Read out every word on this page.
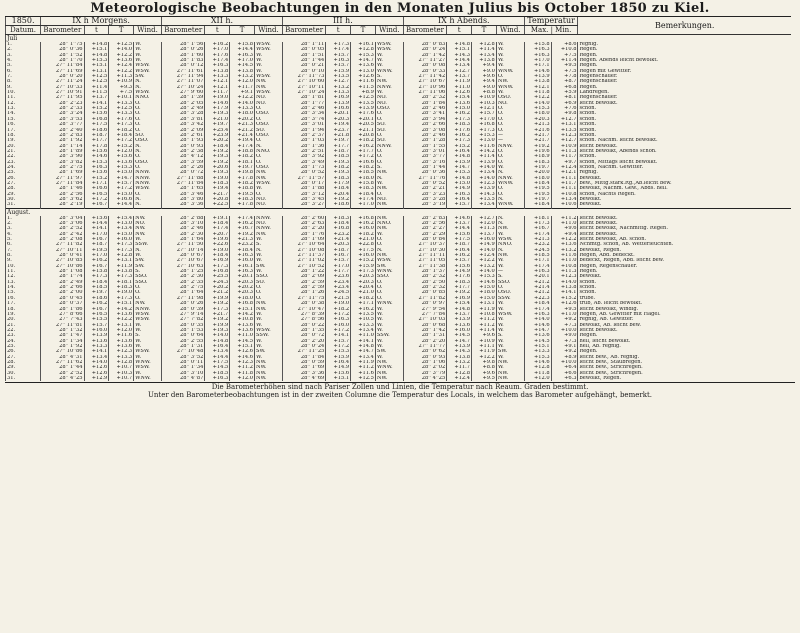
Meteorologische Beobachtungen in den Monaten Julius bis October 1850 zu Kiel.
1850.	IX h Morgens.				XII h.				III h.				IX h Abends.				Temperatur		Bemerkungen.
Datum.	Barometer	t	T	Wind.	Barometer	t	T	Wind.	Barometer	t	T	Wind.	Barometer	t	T	Wind.	Max. | Min.		
Juli																			
1.	28'' 1''75	+14.8	+12.5	W.	28'' 1''56	+16.2	+15.8	WSW.	28'' 1''11	+17.3	+16.1	WSW.	28'' 0''83	+14.8	+12.8	W.	+15.8	+8.6	regnig.
2.	28'' 0''36	+15.1	+14.0	W.	28'' 0''26	+17.0	+14.4	WSW.	28'' 0''05	+17.4	+12.8	WSW.	28'' 0''24	+15.1	+11.4	W.	+16.3	+10.8	Regen.
3.	28'' 1''52	+14.8	+12.2	W.	28'' 1''60	+17.6	+16.3	W.	28'' 1''51	+15.7	+15.3	W.	28'' 1''42	+14.3	+13.4	W.	+16.3	+7.5	Regen.
4.	28'' 1''70	+15.3	+13.6	W.	28'' 1''83	+17.4	+17.0	W.	28'' 1''44	+16.3	+14.7	W.	27'' 11''27	+14.4	+13.8	W.	+17.0	+11.4	Regen. Abends leicht bewölkt.
5.	27'' 11''84	+15.1	+12.4	WSW.	28'' 0''12	+16.3	+14.5	W.	28'' 0''21	+15.7	+13.6	W.	28'' 0''08	+13.4	+9.4	W.	+17.1	+9.5	Regen.
6.	27'' 11''69	+13.1	+12.2	WSW.	27'' 11''61	+13.8	+13.8	W.	28'' 0''10	+15.9	+13.0	WNW.	28'' 0''33	+12.7	+9.0	WNW.	+14.6	+7.5	Regen mit Gewitter.
7.	28'' 0''20	+12.5	+11.3	SW.	27'' 11''94	+13.3	+13.2	WSW.	27'' 11''73	+13.5	+12.6	S.	27'' 11''42	+13.7	+9.6	O.	+13.9	+7.8	Regenschauer.
8.	27'' 11''24	+12.5	+10.9	N.	27'' 11''07	+12.1	+12.0	NW.	27'' 10''60	+12.7	+11.6	NW.	27'' 10''67	+11.9	+9.4	NW.	+13.8	+8.7	Regenschauer.
9.	27'' 10''33	+11.4	+9.3	N.	27'' 10''24	+12.1	+11.7	NW.	27'' 10''11	+13.2	+11.5	NNW.	27'' 10''96	+11.0	+9.0	WNW.	+12.1	+6.8	Regen.
10.	27'' 10''91	+11.5	+7.5	WSW.	27'' 9''60	+11.7	+9.1	WSW.	27'' 10''24	+13.3	+8.9	W.	27'' 11''06	+12.6	+8.8	W.	+11.8	+5.9	Landregen.
11.	27'' 11''95	+13.7	+10.1	NNO.	28'' 1''39	+19.0	+12.2	NO.	28'' 1''81	+16.9	+12.5	NO.	28'' 2''32	+15.4	+10.9	OSO.	+12.2	+8.1	Regenschauer.
12.	28'' 2''23	+14.1	+13.3	O.	28'' 2''05	+14.6	+14.0	NO.	28'' 1''77	+13.9	+13.5	NO.	28'' 1''84	+13.6	+10.3	NO.	+14.0	+6.9	leicht bewölkt.
13.	28'' 2''33	+15.2	+12.5	O.	28'' 2''49	+17.9	+13.3	O.	28'' 2''46	+16.6	+13.9	OSO.	28'' 2''46	+15.0	+12.1	O.	+15.3	+7.6	schön.
14.	28'' 3''24	+15.6	+13.3	O.	28'' 3''28	+19.3	+18.0	OSO.	28'' 3''34	+20.1	+17.6	O.	28'' 3''41	+16.2	+15.7	O.	+18.0	+9.8	schön.
15.	28'' 3''53	+16.8	+17.6	O.	28'' 3''81	+21.0	+20.2	O.	28'' 3''74	+20.3	+20.1	O.	28'' 3''94	+17.3	+17.0	O.	+20.3	+12.7	schön.
16.	28'' 3''77	+17.5	+17.3	O.	28'' 3''42	+19.7	+21.3	OSO.	28'' 3''01	+19.4	+20.5	SO.	28'' 2''66	+18.3	+16.8	O.	+21.3	+13.1	schön.
17.	28'' 2''40	+18.6	+18.2	O.	28'' 2''09	+25.4	+21.2	SO.	28'' 1''94	+23.7	+21.1	SO.	28'' 3''08	+17.6	+17.3	O.	+21.6	+13.5	schön.
18.	28'' 2''83	+18.7	+18.4	SO.	28'' 2''61	+23.9	+21.4	OSO.	28'' 2''37	+21.8	+20.8	O.	28'' 2''46	+16.2	+15.3	—	+21.7	+12.3	schön.
19.	28'' 1''92	+17.7	+17.2	OSO.	28'' 1''93	+20.2	+19.4	O.	28'' 1''03	+19.7	+18.2	SO.	28'' 1''28	+17.3	+13.0	—	+21.7	+12.7	schön. Nachm. leicht bewölkt.
20.	28'' 1''14	+17.8	+15.2	N.	28'' 0''93	+18.4	+17.4	N.	28'' 1''36	+17.7	+16.2	NNW.	28'' 1''55	+15.2	+11.6	NNW.	+19.2	+10.9	leicht bewölkt.
21.	28'' 1''89	+15.6	+12.0	N.	28'' 2''38	+19.2	+18.8	NNO.	28'' 2''51	+18.7	+17.7	O.	28'' 3''01	+16.4	+14.2	O.	+19.6	+11.3	leicht bewölkt, Abends schön.
22.	28'' 3''90	+14.6	+15.6	O.	28'' 4''12	+19.3	+18.2	O.	28'' 3''92	+18.5	+17.2	O.	28'' 3''77	+14.8	+11.4	O.	+18.9	+11.7	schön.
23.	28'' 3''82	+15.3	+13.6	OSO.	28'' 3''59	+19.2	+18.1	O.	28'' 3''49	+19.3	+16.6	O.	28'' 3''16	+15.9	+13.9	O.	+18.3	+9.7	schön, Mittags leicht bewölkt.
24.	28'' 2''75	+16.3	+15.3	O.	28'' 2''26	+20.6	+19.7	OSO.	28'' 1''73	+18.2	+18.2	S.	28'' 1''44	+14.7	+14.0	W.	+19.7	+12.4	schön, Nachm. Gewitter.
25.	28'' 1''69	+15.6	+15.0	NNW.	28'' 0''72	+19.3	+19.8	NW.	28'' 0''52	+19.3	+18.5	NW.	28'' 0''36	+15.3	+13.4	N.	+20.0	+12.1	regnig.
26.	27'' 11''97	+15.2	+14.7	NNW.	27'' 11''88	+19.0	+17.8	NW.	27'' 11''57	+18.3	+18.0	N.	27'' 11''76	+14.8	+14.0	NNW.	+18.0	+11.1	bewölkt.
27.	27'' 11''84	+17.1	+15.7	NNW.	27'' 11''84	+18.3	+18.2	WSW.	28'' 0''17	+17.9	+15.8	W.	28'' 0''52	+15.0	+12.3	WNW.	+18.4	+11.7	bew., Mittg.stark.Rg.,Ab.leicht bew.
28.	28'' 1''46	+16.6	+17.2	WSW.	28'' 1''65	+19.4	+18.8	W.	28'' 1''88	+18.4	+18.3	NW.	28'' 2''21	+14.9	+13.9	O.	+19.5	+11.1	bewölkt, Nachm. Gew., Abds. hell.
29.	28'' 2''56	+16.5	+15.0	O.	28'' 3''46	+21.7	+19.5	O.	28'' 3''12	+20.4	+18.4	O.	28'' 3''23	+16.3	+14.3	O.	+19.5	+10.8	schön, Nachts Regen.
30.	28'' 3''62	+17.2	+16.6	N.	28'' 3''80	+20.8	+18.3	NO.	28'' 3''45	+19.2	+17.4	NO.	28'' 3''28	+16.4	+13.5	N.	+19.7	+13.4	bewölkt.
31.	28'' 2''19	+16.7	+14.4	N.	28'' 3''36	+22.5	+17.8	NO.	28'' 3''27	+18.6	+17.0	NW.	28'' 3''19	+15.7	+13.4	WNW.	+18.4	+10.6	bewölkt.
August.																			
1.	28'' 3''04	+15.6	+15.4	NW.	28'' 2''88	+19.1	+17.4	NNW.	28'' 2''60	+18.3	+16.8	NW.	28'' 2''83	+14.6	+12.7	N.	+18.1	+11.2	leicht bewölkt.
2.	28'' 3''06	+14.4	+13.0	NO.	28'' 3''10	+18.4	+16.2	NO.	28'' 2''63	+18.4	+16.2	NNO.	28'' 2''56	+13.7	+12.0	N.	+17.3	+11.0	leicht bewölkt.
3.	28'' 2''52	+14.1	+13.4	NW.	28'' 2''46	+17.4	+16.7	NNW.	28'' 2''20	+16.8	+16.0	NW.	28'' 2''27	+14.4	+11.3	NW.	+16.7	+9.6	leicht bewölkt, Nachmittg. Regen.
4.	28'' 2''42	+17.0	+15.0	NW.	28'' 2''30	+20.7	+19.2	NW.	28'' 1''76	+23.2	+18.2	W.	28'' 2''29	+15.6	+13.7	W.	+17.4	+9.4	leicht bewölkt.
5.	28'' 2''08	+16.7	+16.0	W.	28'' 1''64	+19.6	+21.3	W.	28'' 1''09	+21.4	+21.0	O.	28'' 0''84	+17.5	+16.0	WSW.	+21.3	+12.2	leicht bewölkt, Ab. schön.
6.	27'' 11''82	+18.7	+17.3	SSW.	27'' 11''50	+22.6	+23.2	S.	27'' 10''64	+20.3	+22.8	O.	27'' 10''37	+18.7	+14.9	NNO.	+23.2	+13.6	Nchmtg. schön, Ab. Wetterleuchten.
7.	27'' 10''11	+19.5	+17.3	N.	27'' 10''14	+19.0	+18.4	N.	27'' 10''08	+18.7	+17.5	N.	27'' 10''30	+16.4	+14.0	N.	+24.5	+13.2	bewölkt, Regen.
8.	28'' 0''41	+17.0	+12.8	W.	28'' 0''67	+18.4	+16.3	W.	27'' 11''37	+16.7	+16.0	NW.	27'' 11''11	+16.2	+12.4	NW.	+18.5	+11.6	Regen, Abd. bedeckt.
9.	27'' 10''85	+16.2	+13.1	SW.	27'' 10''67	+16.9	+16.0	W.	27'' 11''02	+15.7	+15.2	WSW.	27'' 11''05	+15.7	+12.2	W.	+17.1	+11.0	bedeckt, Regen, Abd. leicht bew.
10.	27'' 10''86	+16.7	+11.9	SW.	27'' 10''63	+17.3	+16.1	SW.	27'' 10''52	+17.0	+15.9	SW.	27'' 11''38	+15.6	+13.2	W.	+17.4	+10.8	Regen, Regenschauer.
11.	28'' 1''08	+15.8	+13.8	S.	28'' 1''25	+16.8	+16.3	W.	28'' 1''22	+17.7	+17.3	WNW.	28'' 1''37	+14.9	+14.0	—	+16.3	+11.3	Regen.
12.	28'' 1''74	+17.3	+17.3	SSO.	28'' 2''30	+25.5	+20.1	SSO.	28'' 2''09	+23.6	+20.3	SSO.	28'' 2''32	+17.6	+15.3	S.	+20.1	+12.3	bewölkt.
13.	28'' 2''49	+18.4	+18.1	SSO.	28'' 2''35	+24.3	+20.3	SO.	28'' 2''59	+23.4	+20.3	O.	28'' 2''50	+18.3	+14.6	SSO.	+21.2	+14.0	schön.
14.	28'' 2''66	+18.5	+18.3	O.	28'' 2''75	+20.2	+20.2	O.	28'' 2''59	+23.4	+20.4	O.	28'' 2''32	+17.7	+15.0	O.	+21.4	+13.8	schön.
15.	28'' 2''00	+19.7	+19.0	O.	28'' 1''64	+21.2	+20.3	O.	28'' 1''26	+24.5	+21.0	O.	28'' 0''85	+19.2	+18.0	OSO.	+21.2	+14.1	schön.
16.	28'' 0''45	+18.6	+17.3	O.	27'' 11''98	+19.9	+18.0	O.	27'' 11''75	+21.5	+18.2	O.	27'' 11''82	+16.9	+15.0	SSW.	+22.3	+15.2	trübe.
17.	28'' 0''37	+16.2	+15.1	NW.	28'' 0''26	+19.2	+16.8	NW.	28'' 0''38	+19.0	+17.1	WNW.	28'' 0''97	+15.4	+13.1	W.	+18.4	+12.6	trüb, Ab. leicht bewölkt.
18.	28'' 1''86	+16.7	+14.2	NNW.	28'' 0''39	+17.3	+15.1	NW.	27'' 10''47	+18.2	+16.2	W.	27'' 9''54	+14.8	+11.9	W.	+17.4	+9.5	leicht bewölkt, windig.
19.	27'' 8''66	+16.5	+13.6	WSW.	27'' 9''14	+21.7	+14.2	W.	27'' 8''39	+17.2	+13.5	W.	27'' 7''84	+13.7	+10.8	WSW.	+16.3	+11.0	Regen, Ab. Gewitter mit Hagel.
20.	27'' 7''43	+15.5	+12.2	WSW.	27'' 7''82	+19.2	+10.8	W.	27'' 8''56	+16.3	+10.5	W.	27'' 10''03	+13.9	+11.2	W.	+14.0	+9.2	regnig, Ab. Gewitter.
21.	27'' 11''81	+15.7	+13.1	W.	28'' 0''35	+19.9	+13.6	W.	28'' 0''22	+16.0	+13.3	W.	28'' 0''68	+13.6	+11.2	W.	+14.6	+7.3	bewölkt, Ab. leicht bew.
22.	28'' 1''32	+16.0	+12.0	W.	28'' 1''53	+19.3	+13.6	WSW.	28'' 1''35	+17.2	+13.4	W.	28'' 1''42	+16.0	+11.4	W.	+14.7	+10.0	leicht bewölkt.
23.	28'' 1''47	+13.9	+11.6	S.	28'' 0''64	+14.0	+11.0	SSW.	28'' 0''72	+14.1	+11.0	SSW.	28'' 1''31	+14.5	+9.6	S.	+13.6	+9.0	Regen.
24.	28'' 1''34	+13.6	+13.6	W.	28'' 2''55	+14.8	+14.5	W.	28'' 2''20	+15.7	+14.1	W.	28'' 2''20	+14.7	+10.9	W.	+14.5	+7.3	hell, leicht bewölkt.
25.	28'' 1''92	+13.3	+13.6	W.	28'' 1''31	+16.4	+15.1	W.	28'' 0''24	+17.2	+14.8	W.	27'' 11''77	+13.9	+11.1	W.	+15.1	+9.1	hell, Ab. regnig.
26.	27'' 10''86	+14.1	+12.3	WSW.	27'' 10''48	+13.4	+12.6	SW.	27'' 11''25	+15.3	+14.7	SW.	28'' 0''62	+14.3	+11.9	SW.	+13.3	+9.2	Regen.
27.	28'' 4''31	+13.4	+13.3	W.	28'' 3''52	+14.4	+14.6	W.	28'' 1''84	+15.9	+13.4	W.	28'' 0''93	+13.8	+12.2	W.	+15.3	+8.9	leicht bew., Ab. regnig.
28.	27'' 11''62	+14.0	+12.8	WNW.	28'' 0''11	+17.5	+12.3	NW.	28'' 0''59	+16.4	+11.9	NW.	28'' 1''06	+13.2	+9.8	NW.	+14.6	+10.0	leicht bew., Staubregen.
29.	28'' 1''44	+12.6	+10.7	WSW.	28'' 1''34	+14.5	+11.2	NW.	28'' 1''69	+14.9	+11.2	WNW.	28'' 2''02	+11.7	+8.8	W.	+12.8	+6.4	leicht bew., Strichregen.
30.	28'' 2''52	+12.6	+10.3	W.	28'' 3''10	+18.5	+11.8	NW.	28'' 3''36	+15.6	+11.6	NW.	28'' 3''79	+12.8	+9.6	NW.	+11.8	+6.6	leicht bew., Strichregen.
31.	28'' 4''25	+12.9	+10.7	WNW.	28'' 4''87	+16.3	+12.0	NW.	28'' 4''69	+15.1	+12.5	NW.	28'' 4''25	+12.4	+9.5	NW.	+12.0	+6.3	bewölkt, Regen.
Die Barometerhöhen sind nach Pariser Zollen und Linien, die Temperatur nach Reaum. Graden bestimmt.
Unter den Barometerbeobachtungen ist in der zweiten Columne die Temperatur des Locals, in welchem das Barometer aufgehängt, bemerkt.
